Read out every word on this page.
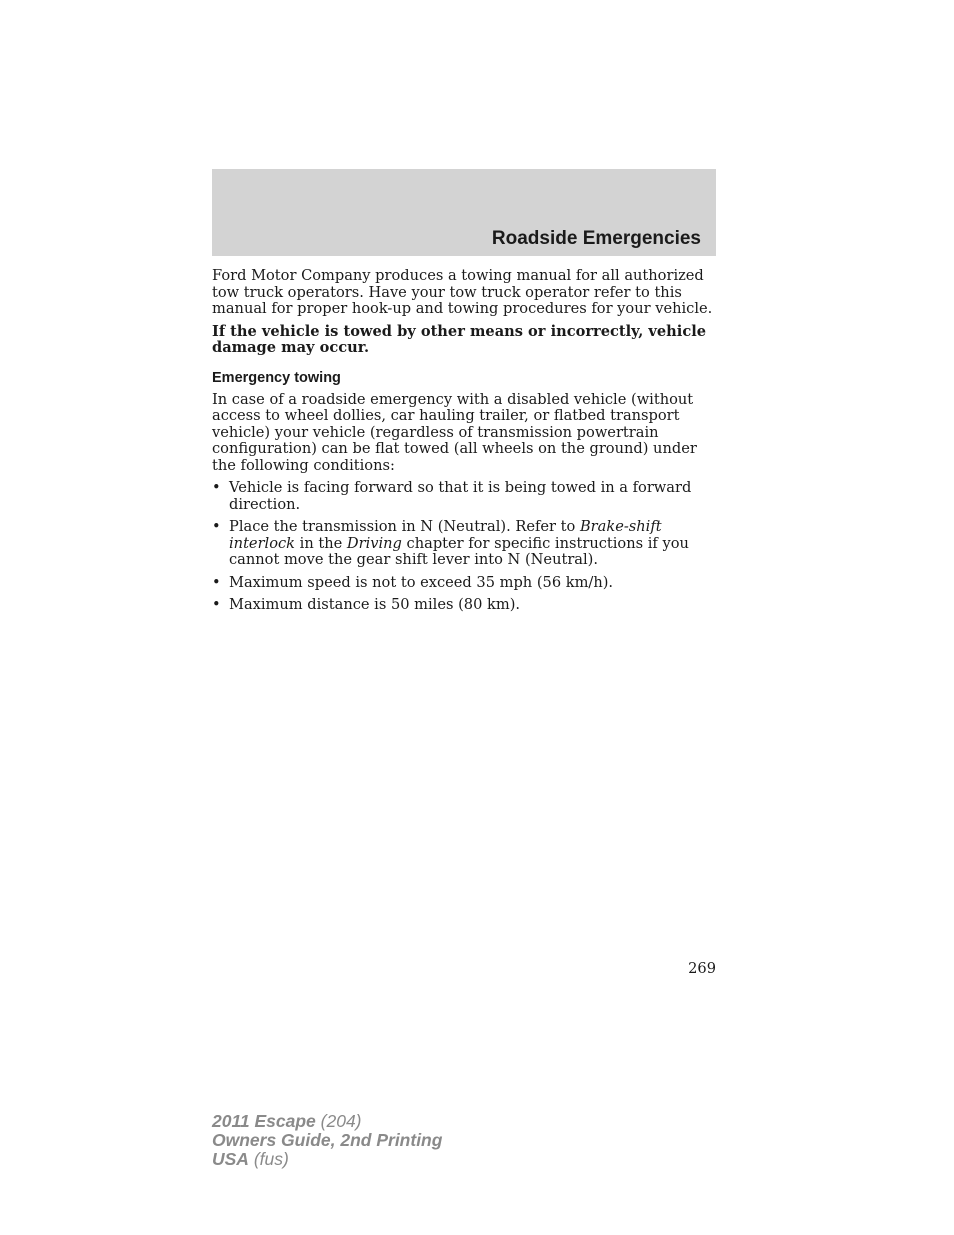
Roadside Emergencies

Ford Motor Company produces a towing manual for all authorized tow truck operators. Have your tow truck operator refer to this manual for proper hook-up and towing procedures for your vehicle.

If the vehicle is towed by other means or incorrectly, vehicle damage may occur.

Emergency towing

In case of a roadside emergency with a disabled vehicle (without access to wheel dollies, car hauling trailer, or flatbed transport vehicle) your vehicle (regardless of transmission powertrain configuration) can be flat towed (all wheels on the ground) under the following conditions:

• Vehicle is facing forward so that it is being towed in a forward direction.
• Place the transmission in N (Neutral). Refer to Brake-shift interlock in the Driving chapter for specific instructions if you cannot move the gear shift lever into N (Neutral).
• Maximum speed is not to exceed 35 mph (56 km/h).
• Maximum distance is 50 miles (80 km).
269
2011 Escape (204)
Owners Guide, 2nd Printing
USA (fus)
